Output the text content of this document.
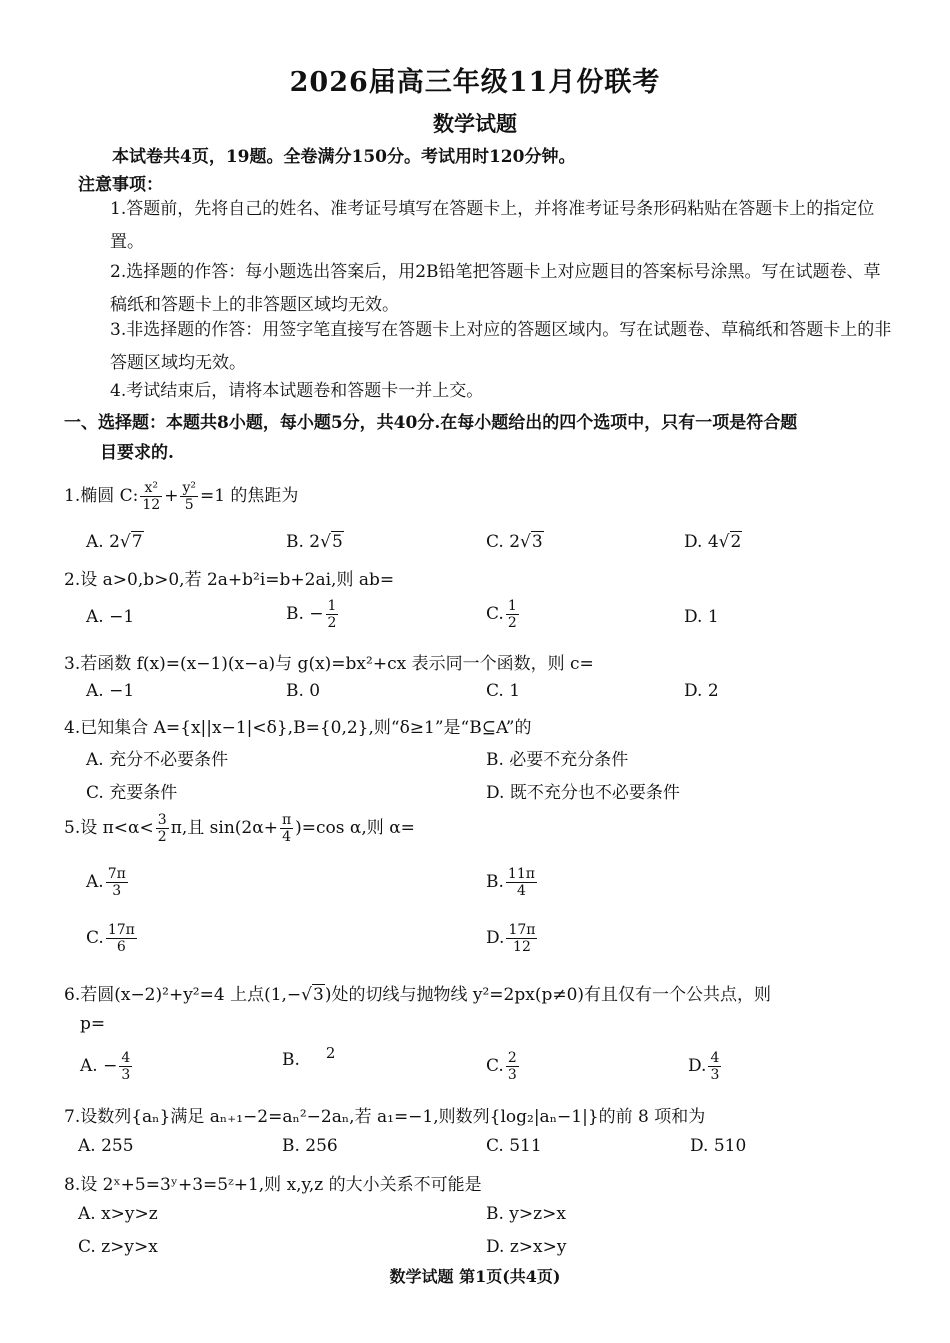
2026届高三年级11月份联考
数学试题
本试卷共4页，19题。全卷满分150分。考试用时120分钟。
注意事项：
1.答题前，先将自己的姓名、准考证号填写在答题卡上，并将准考证号条形码粘贴在答题卡上的指定位置。
2.选择题的作答：每小题选出答案后，用2B铅笔把答题卡上对应题目的答案标号涂黑。写在试题卷、草稿纸和答题卡上的非答题区域均无效。
3.非选择题的作答：用签字笔直接写在答题卡上对应的答题区域内。写在试题卷、草稿纸和答题卡上的非答题区域均无效。
4.考试结束后，请将本试题卷和答题卡一并上交。
一、选择题：本题共8小题，每小题5分，共40分.在每小题给出的四个选项中，只有一项是符合题
目要求的.
1.椭圆 C: $\frac{\text{x²}}{12} + \frac{\text{y²}}{5} =1$ 的焦距为
A. 2√7	B. 2√5	C. 2√3	D. 4√2
2.设 a>0,b>0,若 2a+b²i=b+2ai,则 ab=
A. −1	B. − $\frac{1}{2}$	C. $\frac{1}{2}$	D. 1
3.若函数 f(x)=(x−1)(x−a)与 g(x)=bx²+cx 表示同一个函数，则 c=
A. −1	B. 0	C. 1	D. 2
4.已知集合 A={x||x−1|<δ},B={0,2},则“δ≥1”是“B⊆A”的
A. 充分不必要条件	B. 必要不充分条件
C. 充要条件	D. 既不充分也不必要条件
5.设 $\pi<\alpha< \frac{3}{2} \pi$,且 $\sin(2\alpha+ \frac{\pi}{4} )=\cos$ α,则 α=
A. $\frac{7\pi}{3}$	B. $\frac{11\pi}{4}$
C. $\frac{17\pi}{6}$	D. $\frac{17\pi}{12}$
6.若圆(x−2)²+y²=4 上点(1,−√3)处的切线与抛物线 y²=2px(p≠0)有且仅有一个公共点，则
p=
A. − $\frac{4}{3}$	B. 2
C. $\frac{2}{3}$	D. $\frac{4}{3}$
7.设数列{aₙ}满足 aₙ₊₁−2=aₙ²−2aₙ,若 a₁=−1,则数列{log₂|aₙ−1|}的前 8 项和为
A. 255	B. 256	C. 511	D. 510
8.设 2ˣ+5=3ʸ+3=5ᶻ+1,则 x,y,z 的大小关系不可能是
A. x>y>z	B. y>z>x
C. z>y>x	D. z>x>y
数学试题 第1页(共4页)
